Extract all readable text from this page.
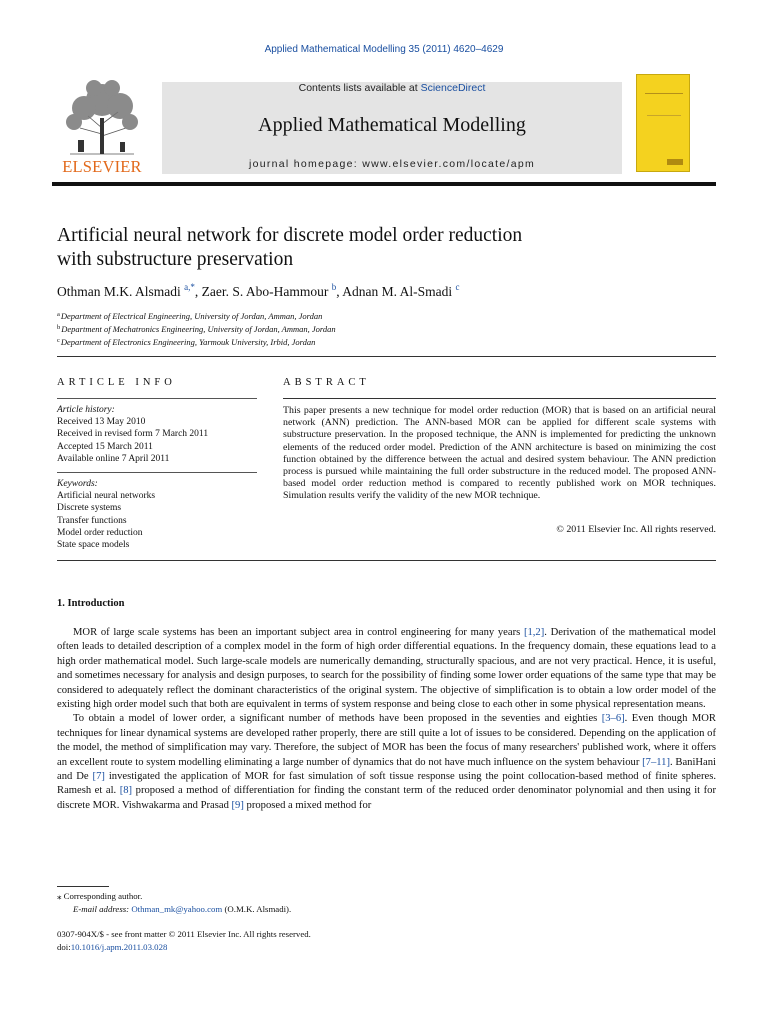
Applied Mathematical Modelling 35 (2011) 4620–4629
ELSEVIER
Contents lists available at ScienceDirect
Applied Mathematical Modelling
journal homepage: www.elsevier.com/locate/apm
Artificial neural network for discrete model order reduction
with substructure preservation
Othman M.K. Alsmadi $^{a,*}$, Zaer. S. Abo-Hammour $^b$, Adnan M. Al-Smadi $^c$
$^a$Department of Electrical Engineering, University of Jordan, Amman, Jordan
$^b$Department of Mechatronics Engineering, University of Jordan, Amman, Jordan
$^c$Department of Electronics Engineering, Yarmouk University, Irbid, Jordan
ARTICLE INFO	ABSTRACT
Article history:
Received 13 May 2010
Received in revised form 7 March 2011
Accepted 15 March 2011
Available online 7 April 2011
Keywords:
Artificial neural networks
Discrete systems
Transfer functions
Model order reduction
State space models
This paper presents a new technique for model order reduction (MOR) that is based on an artificial neural network (ANN) prediction. The ANN-based MOR can be applied for different scale systems with substructure preservation. In the proposed technique, the ANN is implemented for predicting the unknown elements of the reduced order model. Prediction of the ANN architecture is based on minimizing the cost function obtained by the difference between the actual and desired system behaviour. The ANN prediction process is pursued while maintaining the full order substructure in the reduced model. The proposed ANN-based model order reduction method is compared to recently published work on MOR techniques. Simulation results verify the validity of the new MOR technique.
© 2011 Elsevier Inc. All rights reserved.
1. Introduction

MOR of large scale systems has been an important subject area in control engineering for many years [1,2]. Derivation of the mathematical model often leads to detailed description of a complex model in the form of high order differential equations. In the frequency domain, these equations lead to a high order mathematical model. Such large-scale models are numerically demanding, structurally spacious, and are not very practical. Hence, it is useful, and sometimes necessary for analysis and design purposes, to search for the possibility of finding some lower order equations of the same type that may be considered to adequately reflect the dominant characteristics of the original system. The objective of simplification is to obtain a low order model of the existing high order model such that both are equivalent in terms of system response and being close to each other in some physical representation means.

To obtain a model of lower order, a significant number of methods have been proposed in the seventies and eighties [3–6]. Even though MOR techniques for linear dynamical systems are developed rather properly, there are still quite a lot of issues to be considered. Depending on the application of the model, the method of simplification may vary. Therefore, the subject of MOR has been the focus of many researchers' published work, where it offers an excellent route to system modelling eliminating a large number of dynamics that do not have much influence on the system behaviour [7–11]. BaniHani and De [7] investigated the application of MOR for fast simulation of soft tissue response using the point collocation-based method of finite spheres. Ramesh et al. [8] proposed a method of differentiation for finding the constant term of the reduced order denominator polynomial and then using it for discrete MOR. Vishwakarma and Prasad [9] proposed a mixed method for

⁎ Corresponding author.
E-mail address: Othman_mk@yahoo.com (O.M.K. Alsmadi).
0307-904X/$ - see front matter © 2011 Elsevier Inc. All rights reserved.
doi:10.1016/j.apm.2011.03.028
